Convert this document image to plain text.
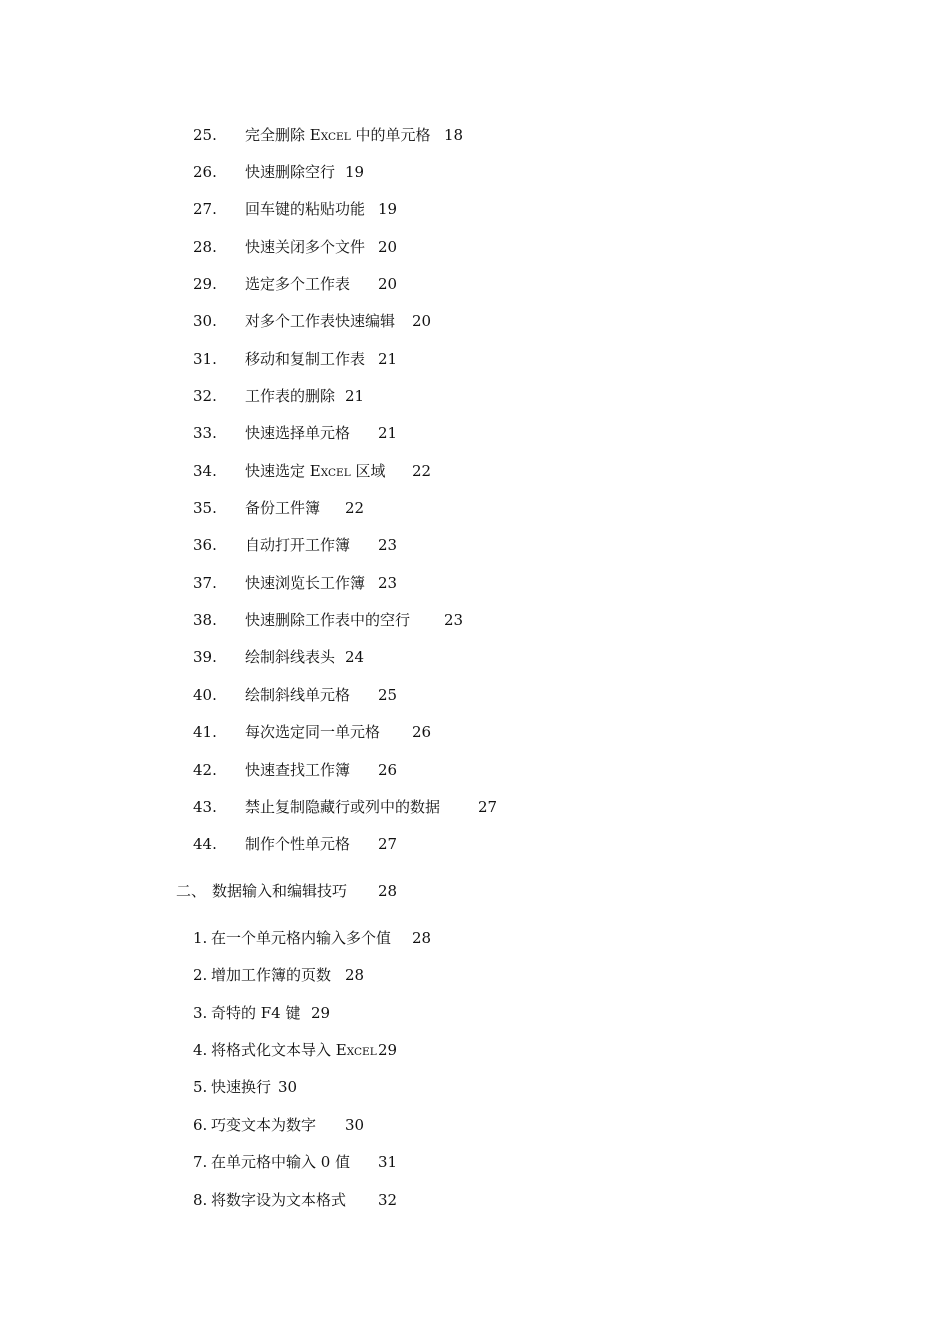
25. 完全删除 EXCEL 中的单元格 18
26. 快速删除空行 19
27. 回车键的粘贴功能 19
28. 快速关闭多个文件 20
29. 选定多个工作表 20
30. 对多个工作表快速编辑 20
31. 移动和复制工作表 21
32. 工作表的删除 21
33. 快速选择单元格 21
34. 快速选定 EXCEL 区域 22
35. 备份工件簿 22
36. 自动打开工作簿 23
37. 快速浏览长工作簿 23
38. 快速删除工作表中的空行 23
39. 绘制斜线表头 24
40. 绘制斜线单元格 25
41. 每次选定同一单元格 26
42. 快速查找工作簿 26
43. 禁止复制隐藏行或列中的数据	27
44. 制作个性单元格 27
二、 数据输入和编辑技巧 28
1. 在一个单元格内输入多个值 28
2. 增加工作簿的页数 28
3. 奇特的 F4 键 29
4. 将格式化文本导入 EXCEL 29
5. 快速换行 30
6. 巧变文本为数字 30
7. 在单元格中输入 0 值 31
8. 将数字设为文本格式 32
